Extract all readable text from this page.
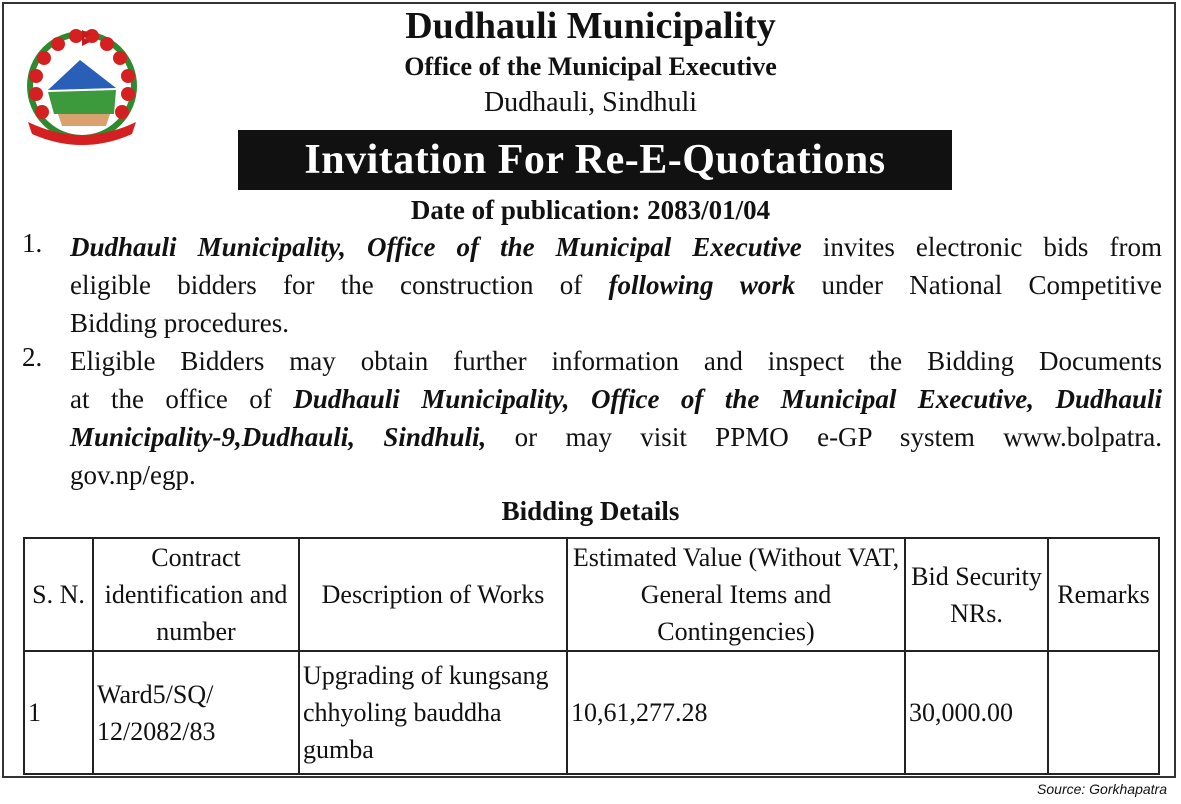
Dudhauli Municipality
Office of the Municipal Executive
Dudhauli, Sindhuli
Invitation For Re-E-Quotations
Date of publication: 2083/01/04
1. Dudhauli Municipality, Office of the Municipal Executive invites electronic bids from
eligible bidders for the construction of following work under National Competitive
Bidding procedures.
2. Eligible Bidders may obtain further information and inspect the Bidding Documents
at the office of Dudhauli Municipality, Office of the Municipal Executive, Dudhauli
Municipality-9,Dudhauli, Sindhuli, or may visit PPMO e-GP system www.bolpatra.
gov.np/egp.
Bidding Details
S. N.	Contract identification and number	Description of Works	Estimated Value (Without VAT, General Items and Contingencies)	Bid Security NRs.	Remarks
1	Ward5/SQ/ 12/2082/83	Upgrading of kungsang chhyoling bauddha gumba	10,61,277.28	30,000.00	
Source: Gorkhapatra
